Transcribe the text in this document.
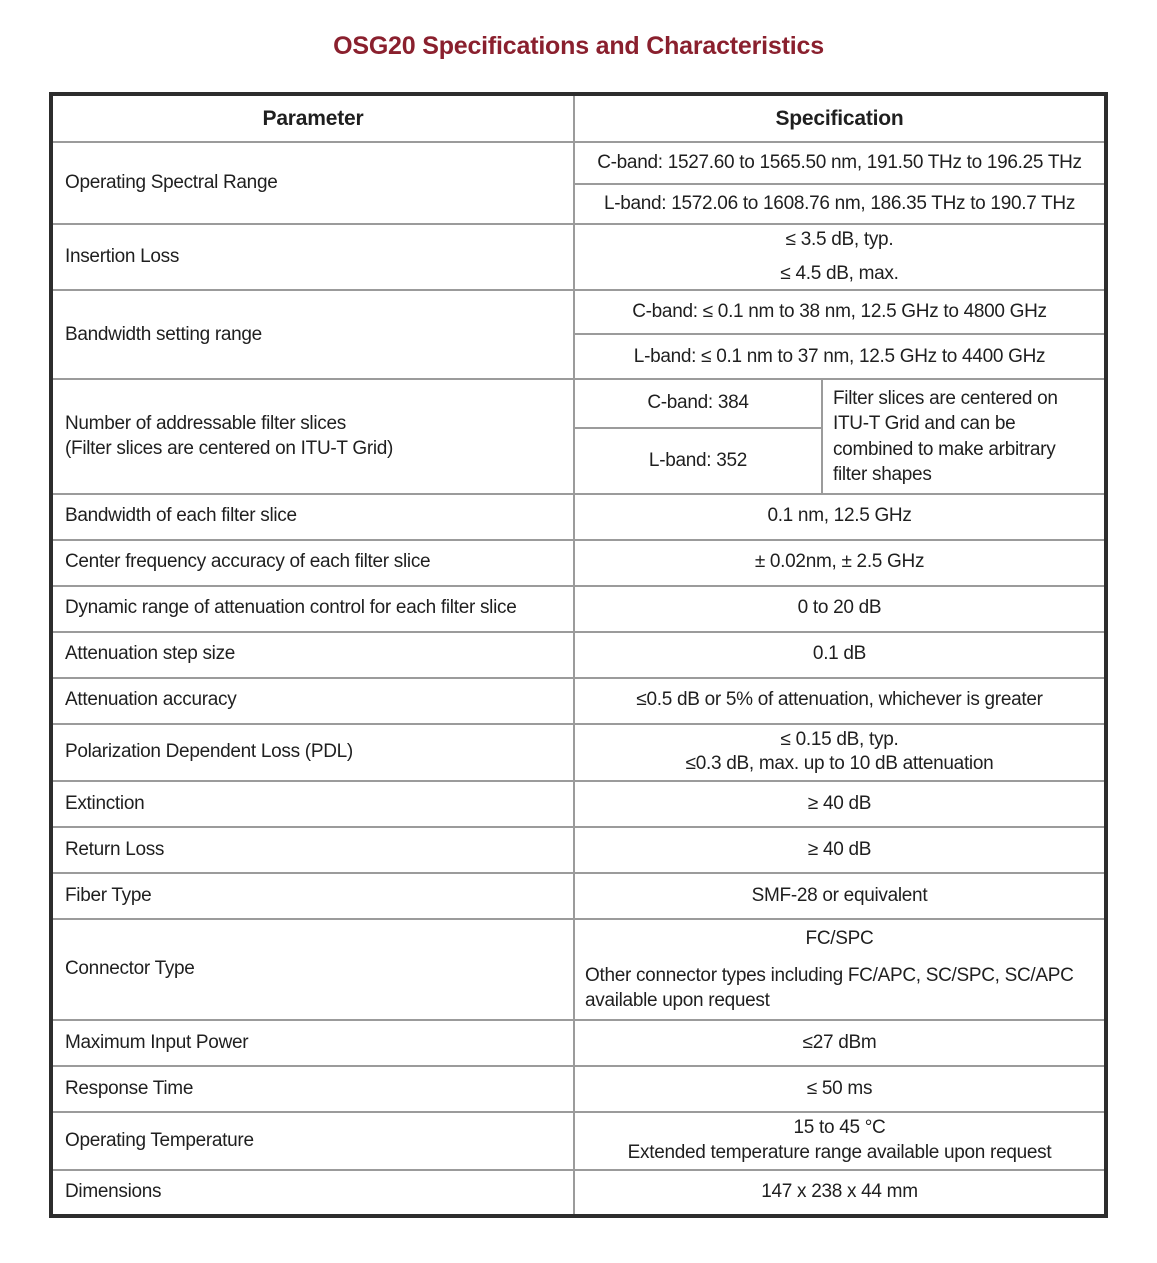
OSG20 Specifications and Characteristics
Parameter	Specification	
Operating Spectral Range	C-band: 1527.60 to 1565.50 nm, 191.50 THz to 196.25 THz	
	L-band: 1572.06 to 1608.76 nm, 186.35 THz to 190.7 THz	
Insertion Loss	≤ 3.5 dB, typ.
≤ 4.5 dB, max.	

Bandwidth setting range	C-band: ≤ 0.1 nm to 38 nm, 12.5 GHz to 4800 GHz	
	L-band: ≤ 0.1 nm to 37 nm, 12.5 GHz to 4400 GHz	

Number of addressable filter slices
(Filter slices are centered on ITU-T Grid)	C-band: 384	Filter slices are centered on ITU-T Grid and can be combined to make arbitrary filter shapes
	L-band: 352	
Bandwidth of each filter slice	0.1 nm, 12.5 GHz	
Center frequency accuracy of each filter slice	± 0.02nm, ± 2.5 GHz	
Dynamic range of attenuation control for each filter slice	0 to 20 dB	
Attenuation step size	0.1 dB	
Attenuation accuracy	≤0.5 dB or 5% of attenuation, whichever is greater	
Polarization Dependent Loss (PDL)	≤ 0.15 dB, typ.
≤0.3 dB, max. up to 10 dB attenuation	

Extinction	≥ 40 dB	
Return Loss	≥ 40 dB	
Fiber Type	SMF-28 or equivalent	
Connector Type	FC/SPC
Other connector types including FC/APC, SC/SPC, SC/APC available upon request	

Maximum Input Power	≤27 dBm	
Response Time	≤ 50 ms	
Operating Temperature	15 to 45 °C
Extended temperature range available upon request	

Dimensions	147 x 238 x 44 mm	
